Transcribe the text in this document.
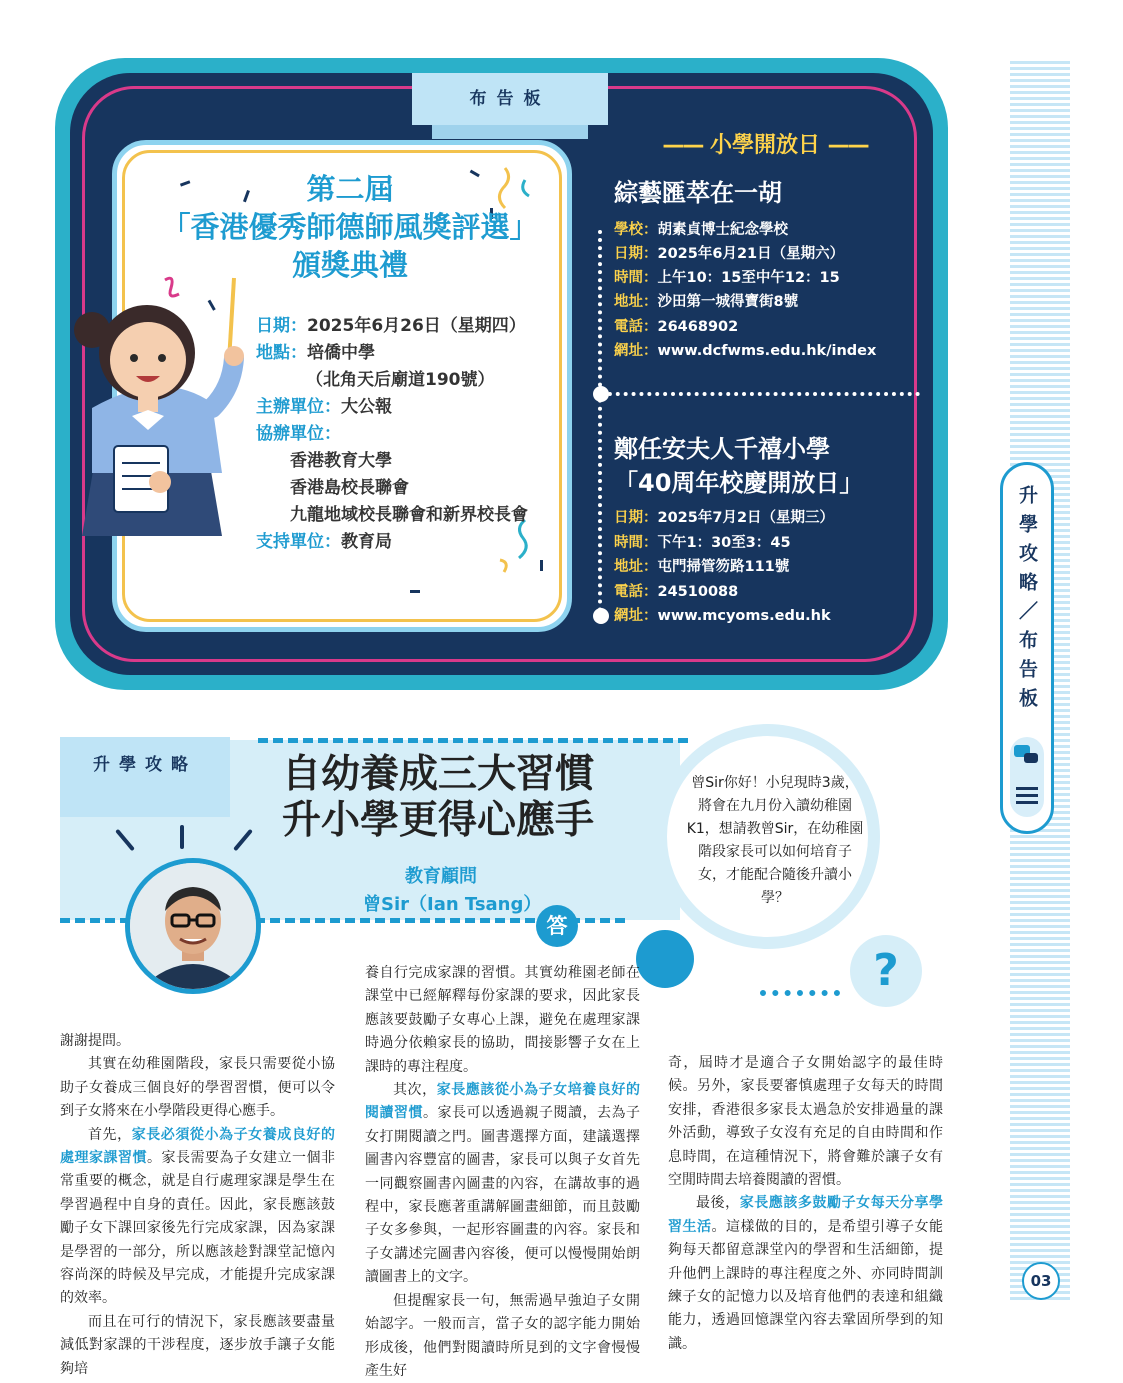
升學攻略／布告板
03
布告板
第二屆
「香港優秀師德師風獎評選」
頒獎典禮
日期：2025年6月26日（星期四）
地點：培僑中學
（北角天后廟道190號）
主辦單位：大公報
協辦單位：
香港教育大學
香港島校長聯會
九龍地域校長聯會和新界校長會
支持單位：教育局
—— 小學開放日 ——
綜藝匯萃在一胡
學校：胡素貞博士紀念學校
日期：2025年6月21日（星期六）
時間：上午10：15至中午12：15
地址：沙田第一城得寶街8號
電話：26468902
網址：www.dcfwms.edu.hk/index
鄭任安夫人千禧小學
「40周年校慶開放日」
日期：2025年7月2日（星期三）
時間：下午1：30至3：45
地址：屯門掃管笏路111號
電話：24510088
網址：www.mcyoms.edu.hk
升學攻略	自幼養成三大習慣
升小學更得心應手
教育顧問
曾Sir（Ian Tsang）
答
曾Sir你好！小兒現時3歲，將會在九月份入讀幼稚園K1，想請教曾Sir，在幼稚園階段家長可以如何培育子女，才能配合隨後升讀小學？
?

謝謝提問。

其實在幼稚園階段，家長只需要從小協助子女養成三個良好的學習習慣，便可以令到子女將來在小學階段更得心應手。

首先，家長必須從小為子女養成良好的處理家課習慣。家長需要為子女建立一個非常重要的概念，就是自行處理家課是學生在學習過程中自身的責任。因此，家長應該鼓勵子女下課回家後先行完成家課，因為家課是學習的一部分，所以應該趁對課堂記憶內容尚深的時候及早完成，才能提升完成家課的效率。

而且在可行的情況下，家長應該要盡量減低對家課的干涉程度，逐步放手讓子女能夠培

養自行完成家課的習慣。其實幼稚園老師在課堂中已經解釋每份家課的要求，因此家長應該要鼓勵子女專心上課，避免在處理家課時過分依賴家長的協助，間接影響子女在上課時的專注程度。

其次，家長應該從小為子女培養良好的閱讀習慣。家長可以透過親子閱讀，去為子女打開閱讀之門。圖書選擇方面，建議選擇圖書內容豐富的圖書，家長可以與子女首先一同觀察圖書內圖畫的內容，在講故事的過程中，家長應著重講解圖畫細節，而且鼓勵子女多參與，一起形容圖畫的內容。家長和子女講述完圖書內容後，便可以慢慢開始朗讀圖書上的文字。

但提醒家長一句，無需過早強迫子女開始認字。一般而言，當子女的認字能力開始形成後，他們對閱讀時所見到的文字會慢慢產生好

奇，屆時才是適合子女開始認字的最佳時候。另外，家長要審慎處理子女每天的時間安排，香港很多家長太過急於安排過量的課外活動，導致子女沒有充足的自由時間和作息時間，在這種情況下，將會難於讓子女有空閒時間去培養閱讀的習慣。

最後，家長應該多鼓勵子女每天分享學習生活。這樣做的目的，是希望引導子女能夠每天都留意課堂內的學習和生活細節，提升他們上課時的專注程度之外、亦同時間訓練子女的記憶力以及培育他們的表達和組織能力，透過回憶課堂內容去鞏固所學到的知識。
